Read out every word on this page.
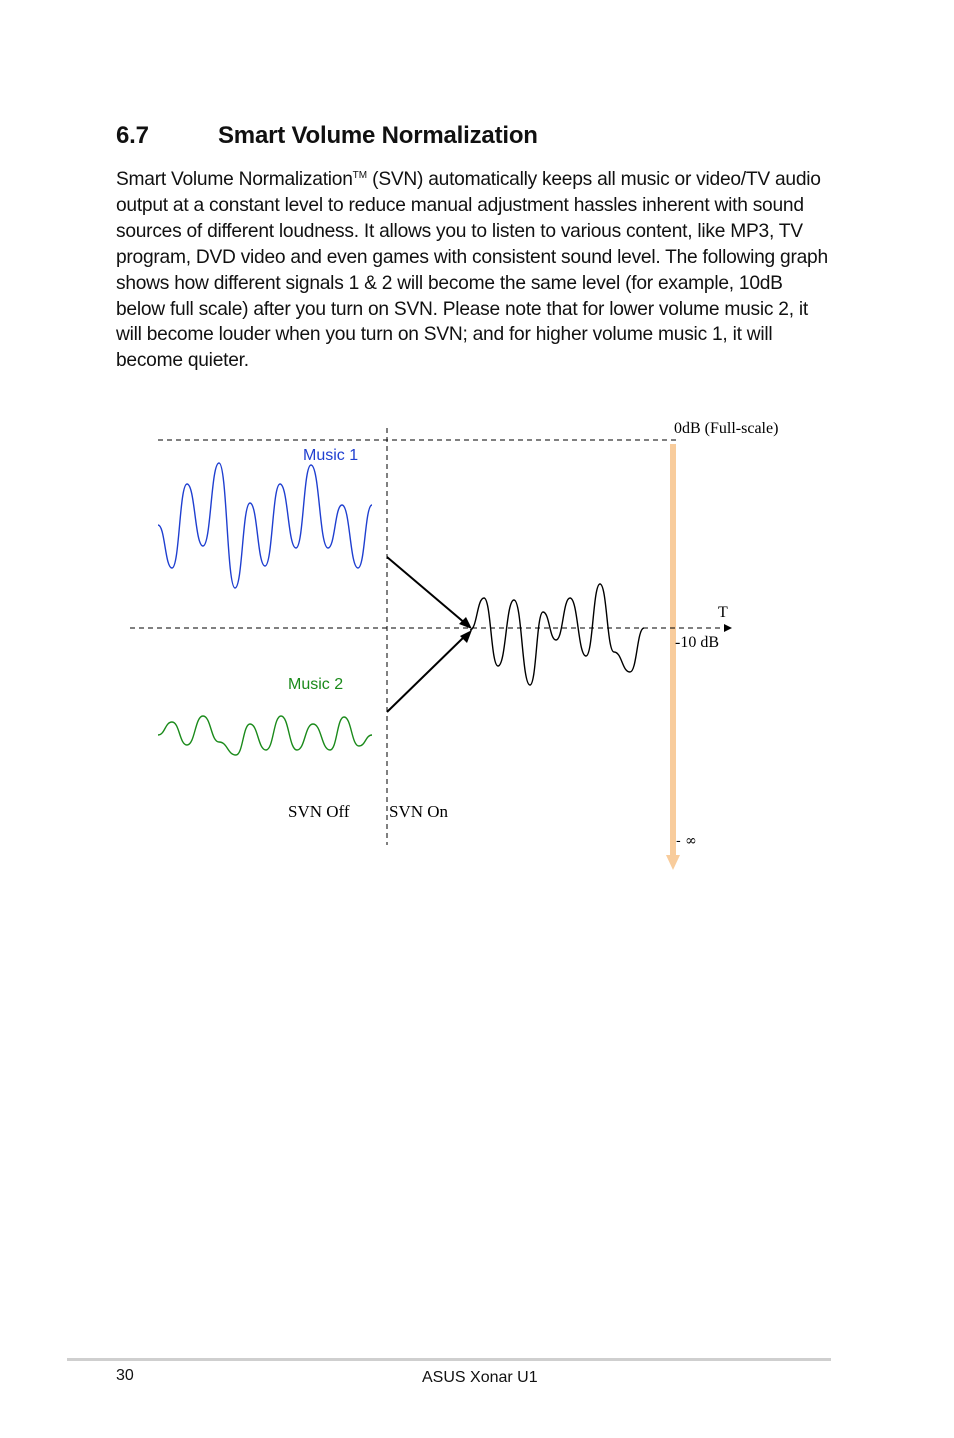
6.7	Smart Volume Normalization
Smart Volume Normalization™ (SVN) automatically keeps all music or video/TV audio output at a constant level to reduce manual adjustment hassles inherent with sound sources of different loudness. It allows you to listen to various content, like MP3, TV program, DVD video and even games with consistent sound level. The following graph shows how different signals 1 & 2 will become the same level (for example, 10dB below full scale) after you turn on SVN. Please note that for lower volume music 2, it will become louder when you turn on SVN; and for higher volume music 1, it will become quieter.
Music 1
Music 2
0dB (Full-scale)
T
-10 dB
SVN Off SVN On
- ∞
30	ASUS Xonar U1
